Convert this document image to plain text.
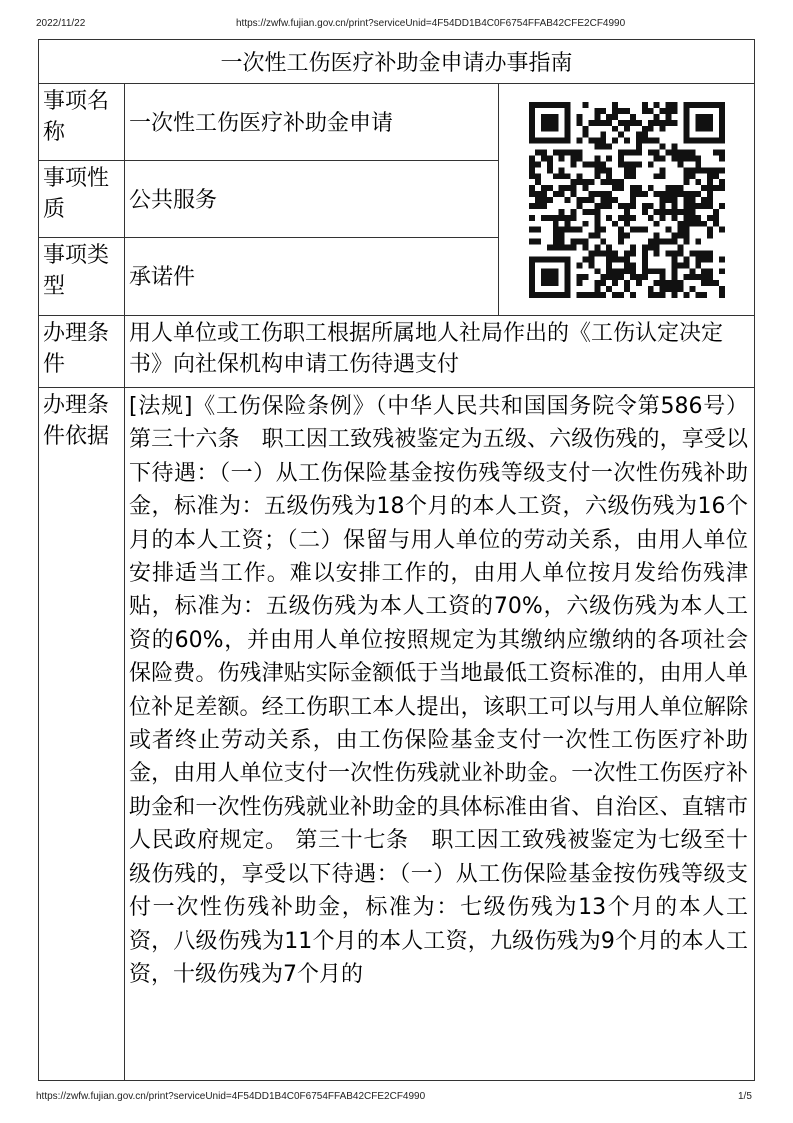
2022/11/22	https://zwfw.fujian.gov.cn/print?serviceUnid=4F54DD1B4C0F6754FFAB42CFE2CF4990
一次性工伤医疗补助金申请办事指南		
事项名称	一次性工伤医疗补助金申请	

事项性质	公共服务	
事项类型	承诺件	
办理条件	用人单位或工伤职工根据所属地人社局作出的《工伤认定决定书》向社保机构申请工伤待遇支付	
办理条件依据	[法规]《工伤保险条例》（中华人民共和国国务院令第586号）第三十六条　职工因工致残被鉴定为五级、六级伤残的，享受以下待遇：（一）从工伤保险基金按伤残等级支付一次性伤残补助金，标准为：五级伤残为18个月的本人工资，六级伤残为16个月的本人工资；（二）保留与用人单位的劳动关系，由用人单位安排适当工作。难以安排工作的，由用人单位按月发给伤残津贴，标准为：五级伤残为本人工资的70%，六级伤残为本人工资的60%，并由用人单位按照规定为其缴纳应缴纳的各项社会保险费。伤残津贴实际金额低于当地最低工资标准的，由用人单位补足差额。经工伤职工本人提出，该职工可以与用人单位解除或者终止劳动关系，由工伤保险基金支付一次性工伤医疗补助金，由用人单位支付一次性伤残就业补助金。一次性工伤医疗补助金和一次性伤残就业补助金的具体标准由省、自治区、直辖市人民政府规定。 第三十七条　职工因工致残被鉴定为七级至十级伤残的，享受以下待遇：（一）从工伤保险基金按伤残等级支付一次性伤残补助金，标准为：七级伤残为13个月的本人工资，八级伤残为11个月的本人工资，九级伤残为9个月的本人工资，十级伤残为7个月的	
https://zwfw.fujian.gov.cn/print?serviceUnid=4F54DD1B4C0F6754FFAB42CFE2CF4990	1/5
